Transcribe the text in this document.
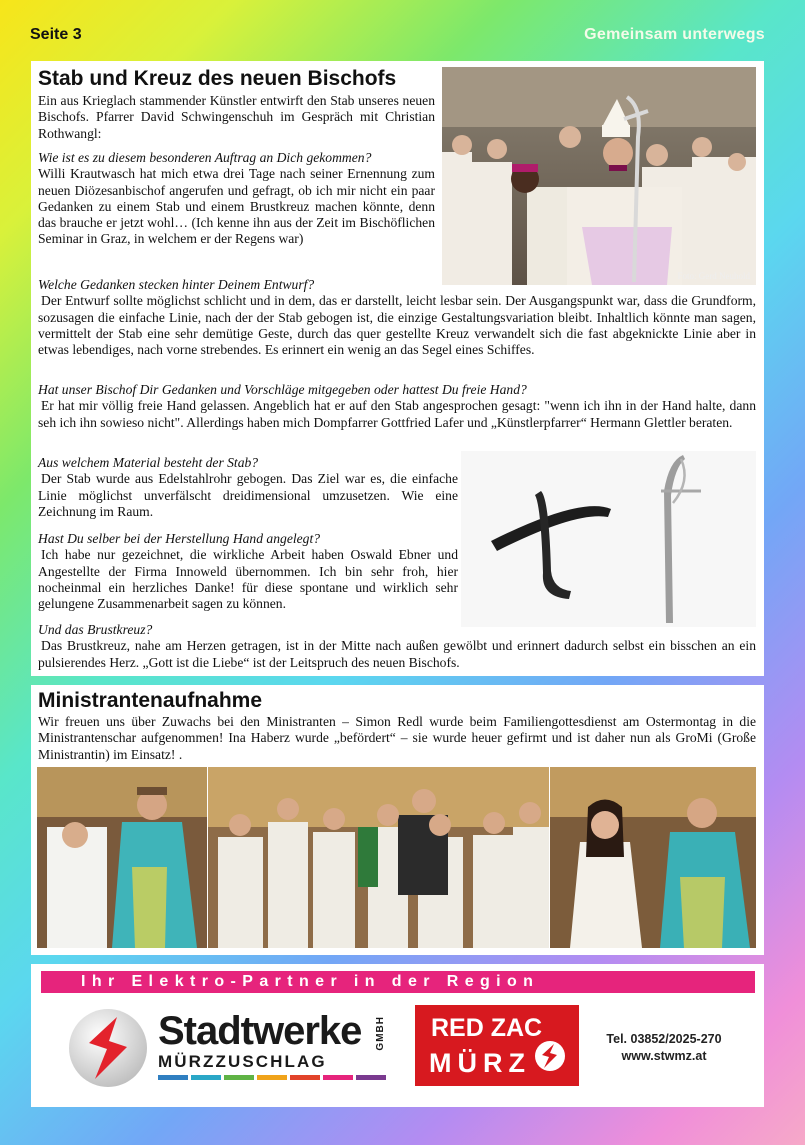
Seite 3	Gemeinsam unterwegs
Stab und Kreuz des neuen Bischofs
Foto: Gerd Neuhold

Ein aus Krieglach stammender Künstler entwirft den Stab unseres neuen Bischofs. Pfarrer David Schwingenschuh im Gespräch mit Christian Rothwangl:

Wie ist es zu diesem besonderen Auftrag an Dich gekommen?

Willi Krautwasch hat mich etwa drei Tage nach seiner Ernennung zum neuen Diözesanbischof angerufen und gefragt, ob ich mir nicht ein paar Gedanken zu einem Stab und einem Brustkreuz machen könnte, denn das brauche er jetzt wohl… (Ich kenne ihn aus der Zeit im Bischöflichen Seminar in Graz, in welchem er der Regens war)

Welche Gedanken stecken hinter Deinem Entwurf?

Der Entwurf sollte möglichst schlicht und in dem, das er darstellt, leicht lesbar sein. Der Ausgangspunkt war, dass die Grundform, sozusagen die einfache Linie, nach der der Stab gebogen ist, die einzige Gestaltungsvariation bleibt. Inhaltlich könnte man sagen, vermittelt der Stab eine sehr demütige Geste, durch das quer gestellte Kreuz verwandelt sich die fast abgeknickte Linie aber in etwas lebendiges, nach vorne strebendes. Es erinnert ein wenig an das Segel eines Schiffes.

Hat unser Bischof Dir Gedanken und Vorschläge mitgegeben oder hattest Du freie Hand?

Er hat mir völlig freie Hand gelassen. Angeblich hat er auf den Stab angesprochen gesagt: "wenn ich ihn in der Hand halte, dann seh ich ihn sowieso nicht". Allerdings haben mich Dompfarrer Gottfried Lafer und „Künstlerpfarrer“ Hermann Glettler beraten.

Aus welchem Material besteht der Stab?

Der Stab wurde aus Edelstahlrohr gebogen. Das Ziel war es, die einfache Linie möglichst unverfälscht dreidimensional umzusetzen. Wie eine Zeichnung im Raum.

Hast Du selber bei der Herstellung Hand angelegt?

Ich habe nur gezeichnet, die wirkliche Arbeit haben Oswald Ebner und Angestellte der Firma Innoweld übernommen. Ich bin sehr froh, hier nocheinmal ein herzliches Danke! für diese spontane und wirklich sehr gelungene Zusammenarbeit sagen zu können.

Und das Brustkreuz?

Das Brustkreuz, nahe am Herzen getragen, ist in der Mitte nach außen gewölbt und erinnert dadurch selbst ein bisschen an ein pulsierendes Herz. „Gott ist die Liebe“ ist der Leitspruch des neuen Bischofs.

Ministrantenaufnahme

Wir freuen uns über Zuwachs bei den Ministranten – Simon Redl wurde beim Familiengottesdienst am Ostermontag in die Ministrantenschar aufgenommen! Ina Haberz wurde „befördert“ – sie wurde heuer gefirmt und ist daher nun als GroMi (Große Ministrantin) im Einsatz! .

Ihr Elektro-Partner in der Region
Stadtwerke GMBH
MÜRZZUSCHLAG
RED ZAC
MÜRZ
Tel. 03852/2025-270
www.stwmz.at
